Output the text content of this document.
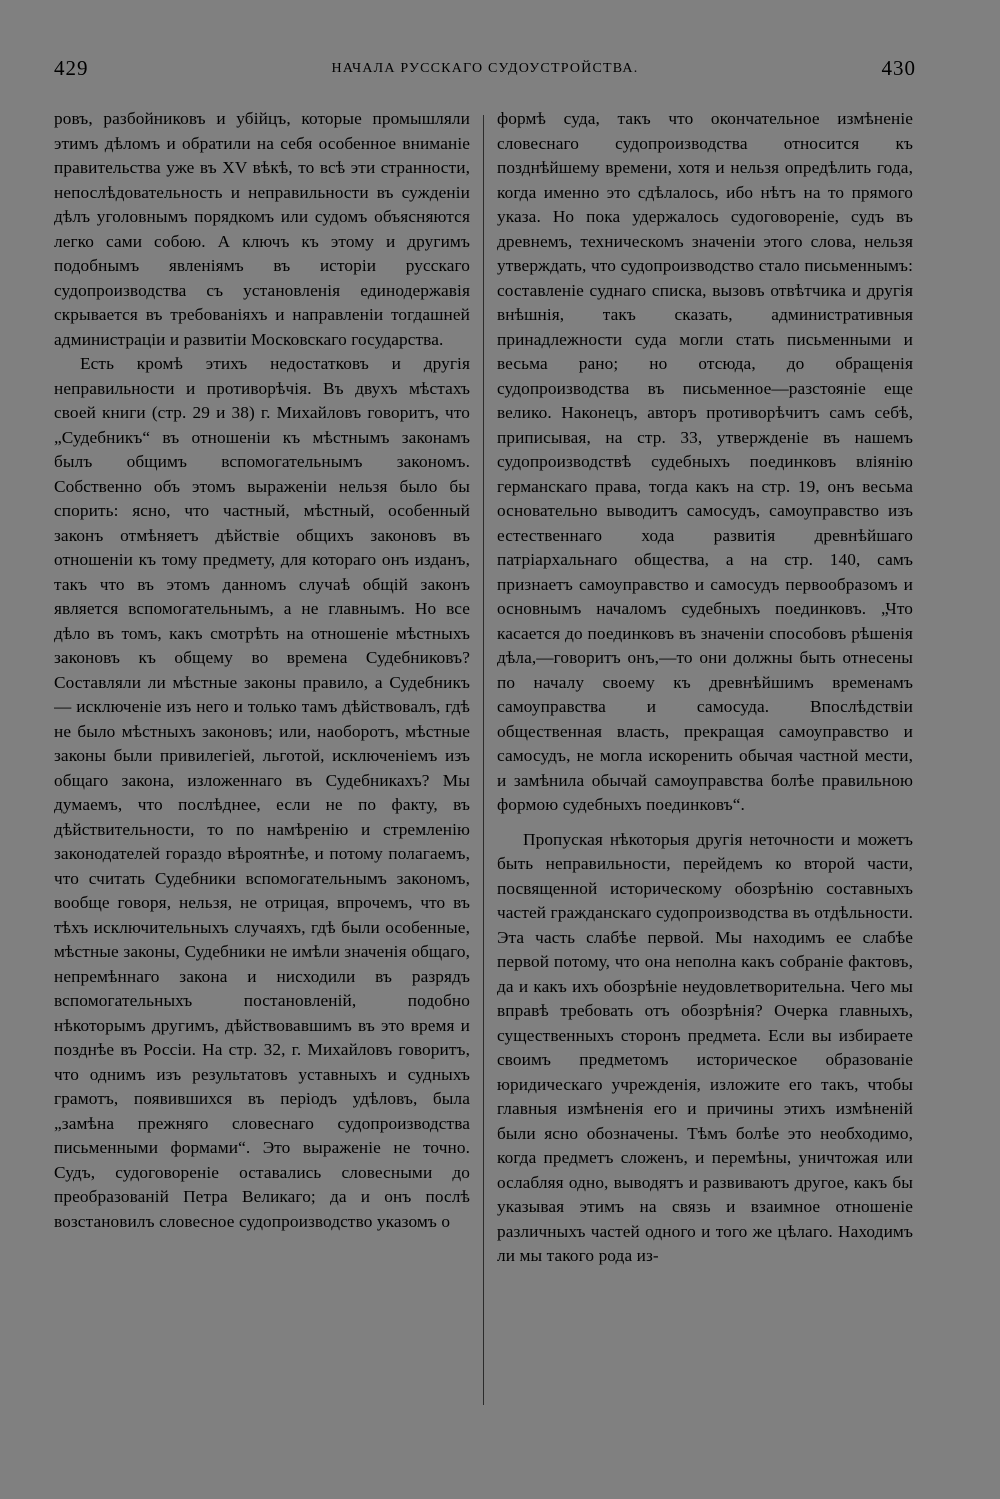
429	НАЧАЛА РУССКАГО СУДОУСТРОЙСТВА.	430

ровъ, разбойниковъ и убійцъ, которые промышляли этимъ дѣломъ и обратили на себя особенное вниманіе правительства уже въ XV вѣкѣ, то всѣ эти странности, непослѣдовательность и неправильности въ сужденіи дѣлъ уголовнымъ порядкомъ или судомъ объясняются легко сами собою. А ключъ къ этому и другимъ подобнымъ явленіямъ въ исторіи русскаго судопроизводства съ установленія единодержавія скрывается въ требованіяхъ и направленіи тогдашней администраціи и развитіи Московскаго государства.

Есть кромѣ этихъ недостатковъ и другія неправильности и противорѣчія. Въ двухъ мѣстахъ своей книги (стр. 29 и 38) г. Михайловъ говоритъ, что „Судебникъ“ въ отношеніи къ мѣстнымъ законамъ былъ общимъ вспомогательнымъ закономъ. Собственно объ этомъ выраженіи нельзя было бы спорить: ясно, что частный, мѣстный, особенный законъ отмѣняетъ дѣйствіе общихъ законовъ въ отношеніи къ тому предмету, для котораго онъ изданъ, такъ что въ этомъ данномъ случаѣ общій законъ является вспомогательнымъ, а не главнымъ. Но все дѣло въ томъ, какъ смотрѣть на отношеніе мѣстныхъ законовъ къ общему во времена Судебниковъ? Составляли ли мѣстные законы правило, а Судебникъ — исключеніе изъ него и только тамъ дѣйствовалъ, гдѣ не было мѣстныхъ законовъ; или, наоборотъ, мѣстные законы были привилегіей, льготой, исключеніемъ изъ общаго закона, изложеннаго въ Судебникахъ? Мы думаемъ, что послѣднее, если не по факту, въ дѣйствительности, то по намѣренію и стремленію законодателей гораздо вѣроятнѣе, и потому полагаемъ, что считать Судебники вспомогательнымъ закономъ, вообще говоря, нельзя, не отрицая, впрочемъ, что въ тѣхъ исключительныхъ случаяхъ, гдѣ были особенные, мѣстные законы, Судебники не имѣли значенія общаго, непремѣннаго закона и нисходили въ разрядъ вспомогательныхъ постановленій, подобно нѣкоторымъ другимъ, дѣйствовавшимъ въ это время и позднѣе въ Россіи. На стр. 32, г. Михайловъ говоритъ, что однимъ изъ результатовъ уставныхъ и судныхъ грамотъ, появившихся въ періодъ удѣловъ, была „замѣна прежняго словеснаго судопроизводства письменными формами“. Это выраженіе не точно. Судъ, судоговореніе оставались словесными до преобразованій Петра Великаго; да и онъ послѣ возстановилъ словесное судопроизводство указомъ о

формѣ суда, такъ что окончательное измѣненіе словеснаго судопроизводства относится къ позднѣйшему времени, хотя и нельзя опредѣлить года, когда именно это сдѣлалось, ибо нѣтъ на то прямого указа. Но пока удержалось судоговореніе, судъ въ древнемъ, техническомъ значеніи этого слова, нельзя утверждать, что судопроизводство стало письменнымъ: составленіе суднаго списка, вызовъ отвѣтчика и другія внѣшнія, такъ сказать, административныя принадлежности суда могли стать письменными и весьма рано; но отсюда, до обращенія судопроизводства въ письменное—разстояніе еще велико. Наконецъ, авторъ противорѣчитъ самъ себѣ, приписывая, на стр. 33, утвержденіе въ нашемъ судопроизводствѣ судебныхъ поединковъ вліянію германскаго права, тогда какъ на стр. 19, онъ весьма основательно выводитъ самосудъ, самоуправство изъ естественнаго хода развитія древнѣйшаго патріархальнаго общества, а на стр. 140, самъ признаетъ самоуправство и самосудъ первообразомъ и основнымъ началомъ судебныхъ поединковъ. „Что касается до поединковъ въ значеніи способовъ рѣшенія дѣла,—говоритъ онъ,—то они должны быть отнесены по началу своему къ древнѣйшимъ временамъ самоуправства и самосуда. Впослѣдствіи общественная власть, прекращая самоуправство и самосудъ, не могла искоренить обычая частной мести, и замѣнила обычай самоуправства болѣе правильною формою судебныхъ поединковъ“.

Пропуская нѣкоторыя другія неточности и можетъ быть неправильности, перейдемъ ко второй части, посвященной историческому обозрѣнію составныхъ частей гражданскаго судопроизводства въ отдѣльности. Эта часть слабѣе первой. Мы находимъ ее слабѣе первой потому, что она неполна какъ собраніе фактовъ, да и какъ ихъ обозрѣніе неудовлетворительна. Чего мы вправѣ требовать отъ обозрѣнія? Очерка главныхъ, существенныхъ сторонъ предмета. Если вы избираете своимъ предметомъ историческое образованіе юридическаго учрежденія, изложите его такъ, чтобы главныя измѣненія его и причины этихъ измѣненій были ясно обозначены. Тѣмъ болѣе это необходимо, когда предметъ сложенъ, и перемѣны, уничтожая или ослабляя одно, выводятъ и развиваютъ другое, какъ бы указывая этимъ на связь и взаимное отношеніе различныхъ частей одного и того же цѣлаго. Находимъ ли мы такого рода из-
